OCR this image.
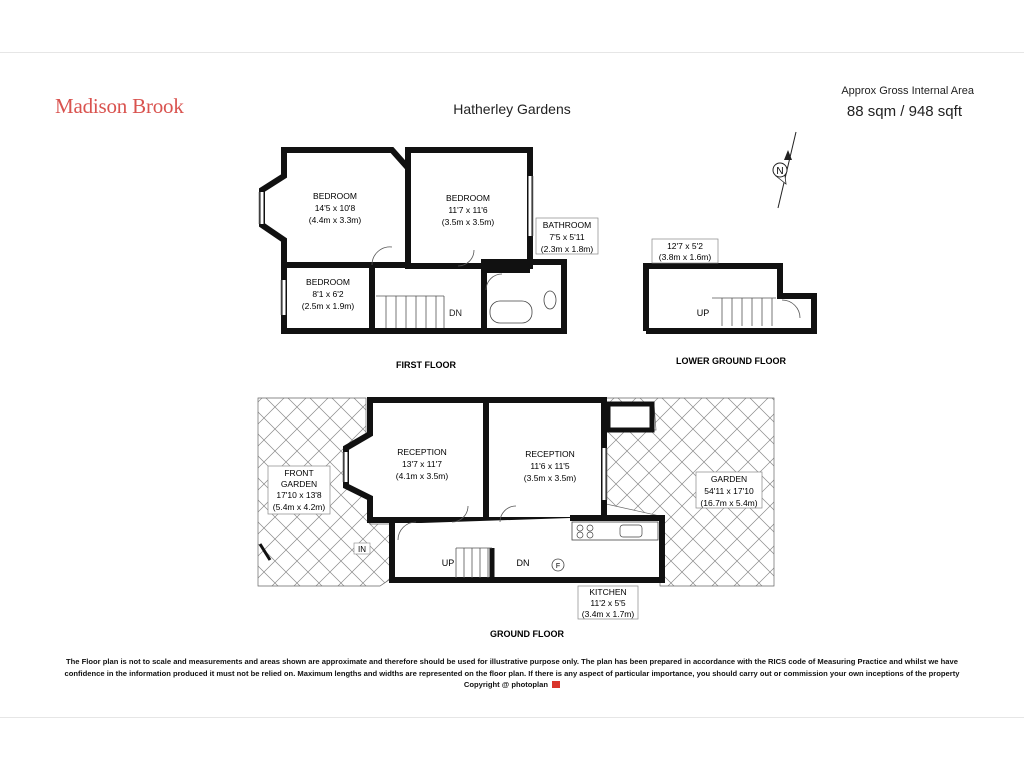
Madison Brook	Hatherley Gardens
Approx Gross Internal Area
88 sqm / 948 sqft
N
DN
BEDROOM
14'5 x 10'8
(4.4m x 3.3m)
BEDROOM
11'7 x 11'6
(3.5m x 3.5m)	BATHROOM
7'5 x 5'11
(2.3m x 1.8m)
BEDROOM
8'1 x 6'2
(2.5m x 1.9m)
FIRST FLOOR
12'7 x 5'2
(3.8m x 1.6m)
UP
LOWER GROUND FLOOR
F
RECEPTION
13'7 x 11'7
(4.1m x 3.5m)
RECEPTION
11'6 x 11'5
(3.5m x 3.5m)
FRONT
GARDEN
17'10 x 13'8
(5.4m x 4.2m)
GARDEN
54'11 x 17'10
(16.7m x 5.4m)
KITCHEN
11'2 x 5'5
(3.4m x 1.7m)
IN
UP	DN
GROUND FLOOR
The Floor plan is not to scale and measurements and areas shown are approximate and therefore should be used for illustrative purpose only. The plan has been prepared in accordance with the RICS code of Measuring Practice and whilst we have
confidence in the information produced it must not be relied on. Maximum lengths and widths are represented on the floor plan. If there is any aspect of particular importance, you should carry out or commission your own inceptions of the property
Copyright @ photoplan
